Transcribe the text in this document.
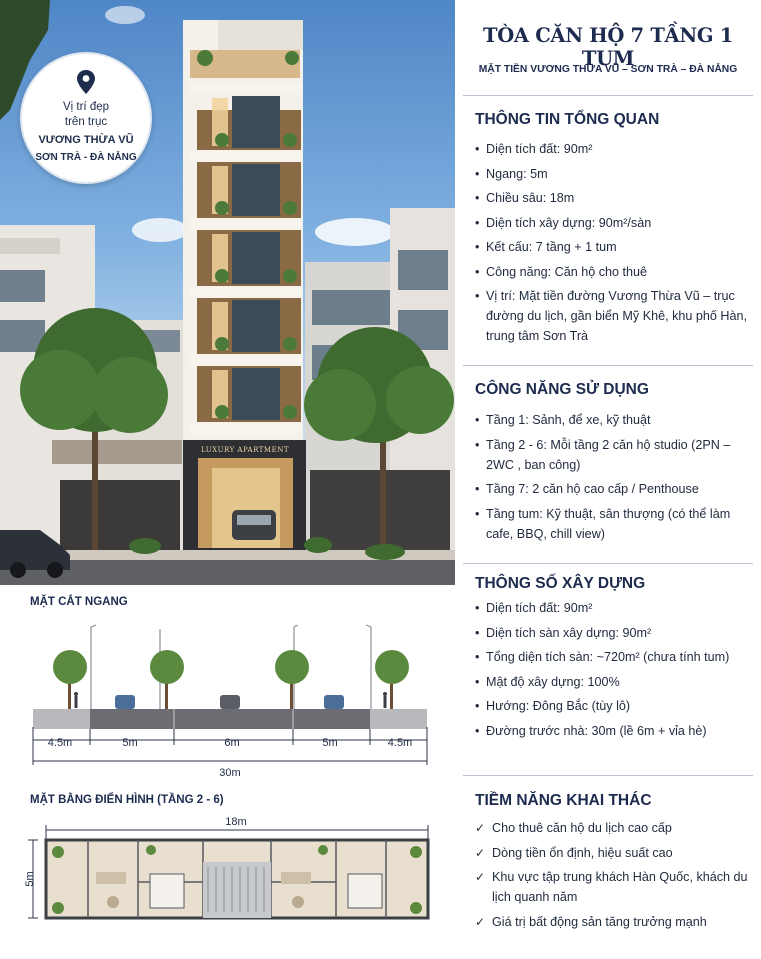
Vị trí đẹp
trên trục
VƯƠNG THỪA VŨ
SƠN TRÀ - ĐÀ NẴNG
LUXURY APARTMENT
TÒA CĂN HỘ 7 TẦNG 1 TUM
MẶT TIỀN VƯƠNG THỪA VŨ – SƠN TRÀ – ĐÀ NẴNG
THÔNG TIN TỔNG QUAN
• Diện tích đất: 90m²
• Ngang: 5m
• Chiều sâu: 18m
• Diện tích xây dựng: 90m²/sàn
• Kết cấu: 7 tầng + 1 tum
• Công năng: Căn hộ cho thuê
• Vị trí: Mặt tiền đường Vương Thừa Vũ – trục đường du lịch, gần biển Mỹ Khê, khu phố Hàn, trung tâm Sơn Trà
CÔNG NĂNG SỬ DỤNG
• Tầng 1: Sảnh, để xe, kỹ thuật
• Tầng 2 - 6: Mỗi tầng 2 căn hộ studio (2PN – 2WC , ban công)
• Tầng 7: 2 căn hộ cao cấp / Penthouse
• Tầng tum: Kỹ thuật, sân thượng (có thể làm cafe, BBQ, chill view)
THÔNG SỐ XÂY DỰNG
• Diện tích đất: 90m²
• Diện tích sàn xây dựng: 90m²
• Tổng diện tích sàn: ~720m² (chưa tính tum)
• Mật độ xây dựng: 100%
• Hướng: Đông Bắc (tùy lô)
• Đường trước nhà: 30m (lề 6m + vỉa hè)
TIỀM NĂNG KHAI THÁC
✓ Cho thuê căn hộ du lịch cao cấp
✓ Dòng tiền ổn định, hiệu suất cao
✓ Khu vực tập trung khách Hàn Quốc, khách du lịch quanh năm
✓ Giá trị bất động sản tăng trưởng mạnh
MẶT CẮT NGANG
4.5m	5m	6m	5m	4.5m
30m
MẶT BẰNG ĐIỂN HÌNH (TẦNG 2 - 6)
18m
5m
